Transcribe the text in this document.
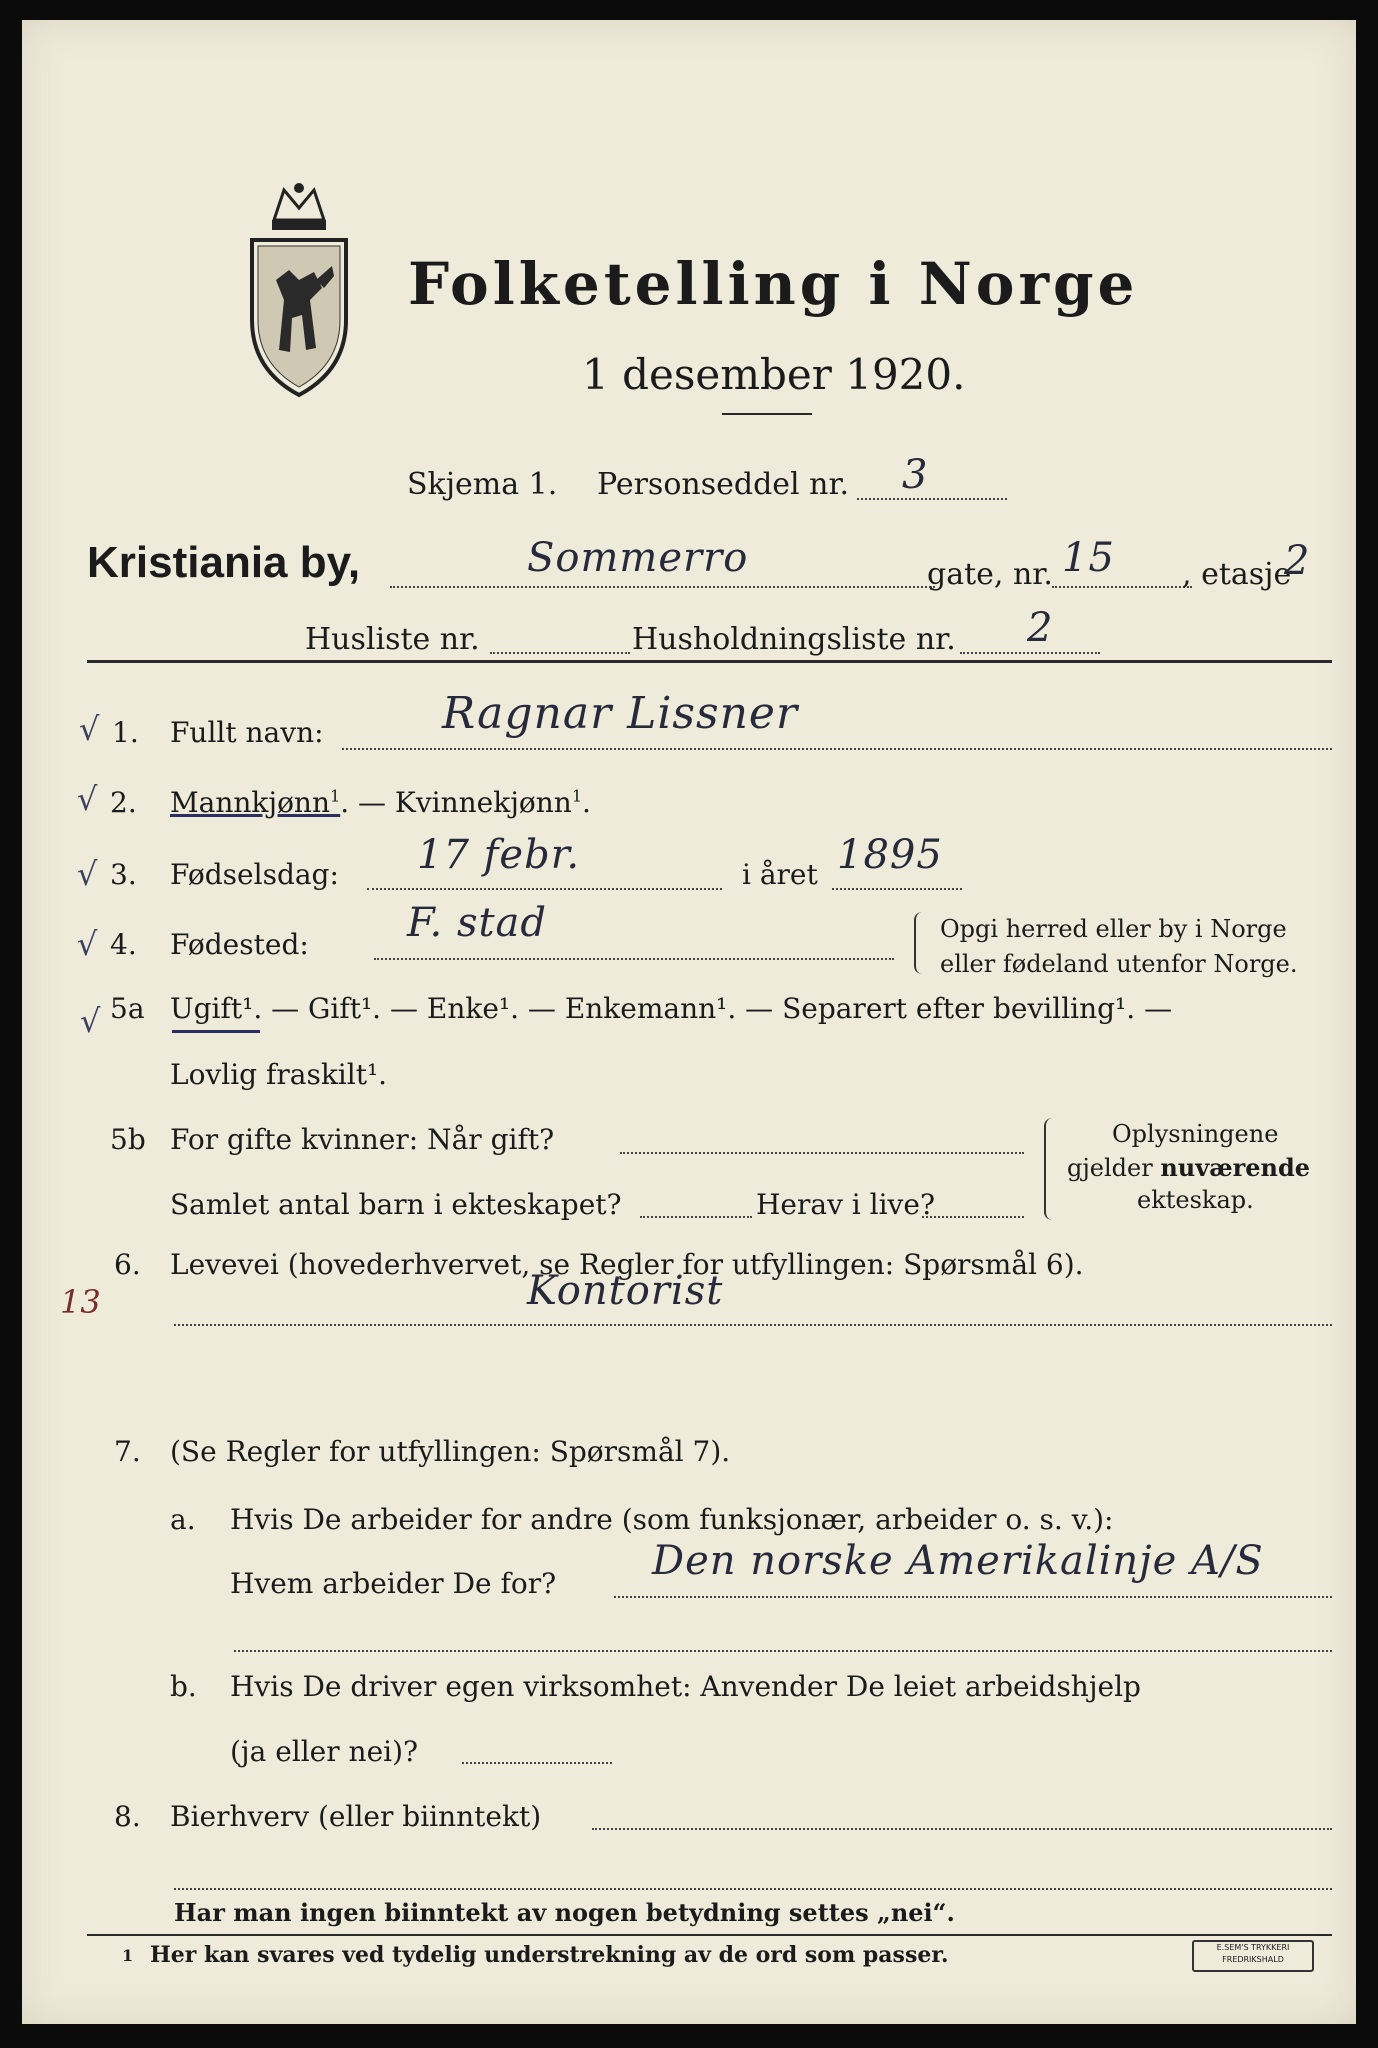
Folketelling i Norge
1 desember 1920.
Skjema 1. Personseddel nr. 3
Kristiania by,	Sommerro	gate, nr. 15 , etasje
2
Husliste nr.	Husholdningsliste nr. 2
√ 1. Fullt navn:	Ragnar Lissner
√ 2. Mannkjønn$^1$. — Kvinnekjønn$^1$.
√ 3. Fødselsdag: 17 febr.	i året 1895
√ 4. Fødested: F. stad	Opgi herred eller by i Norge
eller fødeland utenfor Norge.
√ 5a Ugift¹. — Gift¹. — Enke¹. — Enkemann¹. — Separert efter bevilling¹. —
Lovlig fraskilt¹.
5b For gifte kvinner: Når gift?
Samlet antal barn i ekteskapet?	Herav i live?
Oplysningene
gjelder nuværende
ekteskap.
13
6. Levevei (hovederhvervet, se Regler for utfyllingen: Spørsmål 6).
Kontorist
7. (Se Regler for utfyllingen: Spørsmål 7).
a. Hvis De arbeider for andre (som funksjonær, arbeider o. s. v.):
Hvem arbeider De for? Den norske Amerikalinje A/S
b. Hvis De driver egen virksomhet: Anvender De leiet arbeidshjelp
(ja eller nei)?
8. Bierhverv (eller biinntekt)
Har man ingen biinntekt av nogen betydning settes „nei“.
1 Her kan svares ved tydelig understrekning av de ord som passer.	E.SEM'S TRYKKERI
FREDRIKSHALD
